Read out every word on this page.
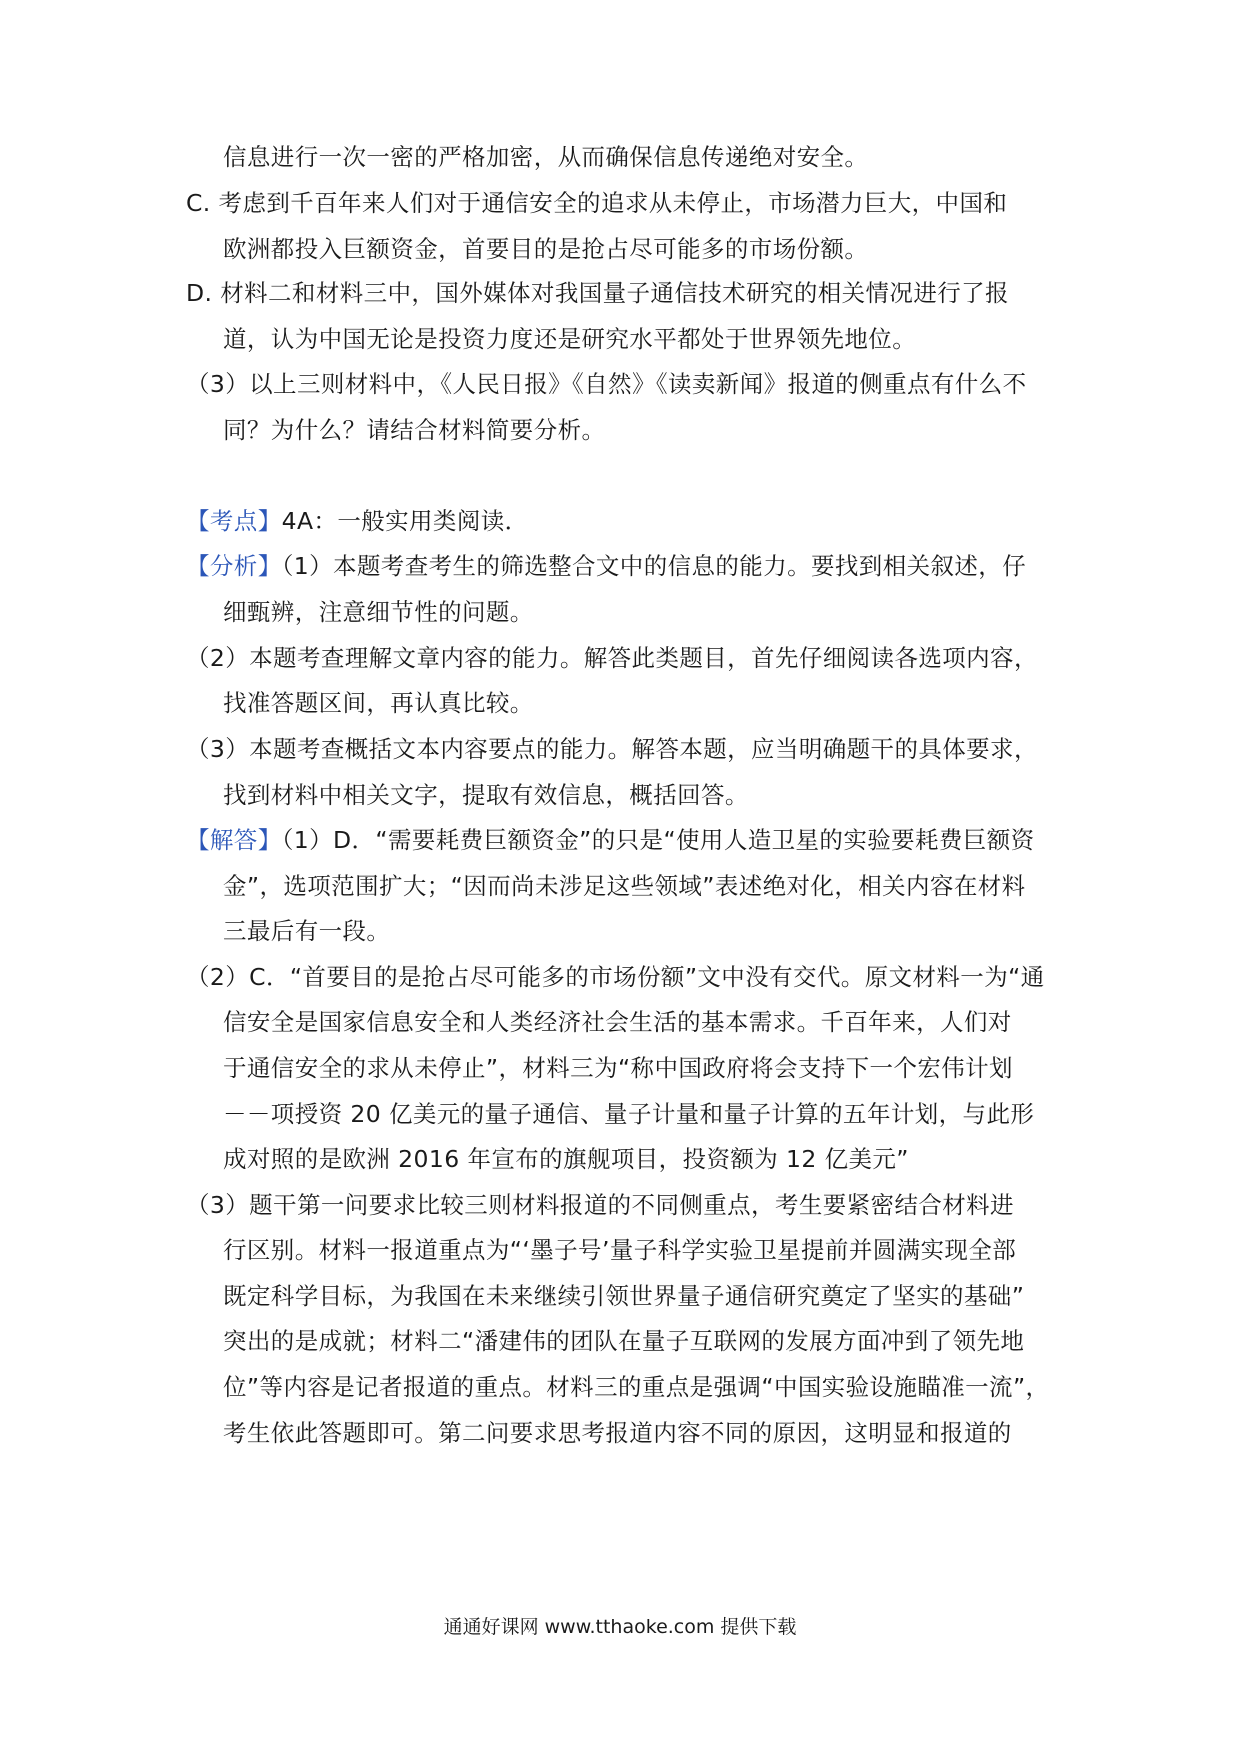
信息进行一次一密的严格加密，从而确保信息传递绝对安全。
C. 考虑到千百年来人们对于通信安全的追求从未停止，市场潜力巨大，中国和
欧洲都投入巨额资金，首要目的是抢占尽可能多的市场份额。
D. 材料二和材料三中，国外媒体对我国量子通信技术研究的相关情况进行了报
道，认为中国无论是投资力度还是研究水平都处于世界领先地位。
（3）以上三则材料中，《人民日报》《自然》《读卖新闻》报道的侧重点有什么不
同？为什么？请结合材料简要分析。
【考点】4A：一般实用类阅读．
【分析】（1）本题考查考生的筛选整合文中的信息的能力。要找到相关叙述，仔
细甄辨，注意细节性的问题。
（2）本题考查理解文章内容的能力。解答此类题目，首先仔细阅读各选项内容，
找准答题区间，再认真比较。
（3）本题考查概括文本内容要点的能力。解答本题，应当明确题干的具体要求，
找到材料中相关文字，提取有效信息，概括回答。
【解答】（1）D．“需要耗费巨额资金”的只是“使用人造卫星的实验要耗费巨额资
金”，选项范围扩大；“因而尚未涉足这些领域”表述绝对化，相关内容在材料
三最后有一段。
（2）C．“首要目的是抢占尽可能多的市场份额”文中没有交代。原文材料一为“通
信安全是国家信息安全和人类经济社会生活的基本需求。千百年来，人们对
于通信安全的求从未停止”，材料三为“称中国政府将会支持下一个宏伟计划
－－项授资 20 亿美元的量子通信、量子计量和量子计算的五年计划，与此形
成对照的是欧洲 2016 年宣布的旗舰项目，投资额为 12 亿美元”
（3）题干第一问要求比较三则材料报道的不同侧重点，考生要紧密结合材料进
行区别。材料一报道重点为“‘墨子号’量子科学实验卫星提前并圆满实现全部
既定科学目标，为我国在未来继续引领世界量子通信研究奠定了坚实的基础”
突出的是成就；材料二“潘建伟的团队在量子互联网的发展方面冲到了领先地
位”等内容是记者报道的重点。材料三的重点是强调“中国实验设施瞄准一流”，
考生依此答题即可。第二问要求思考报道内容不同的原因，这明显和报道的
通通好课网 www.tthaoke.com 提供下载
